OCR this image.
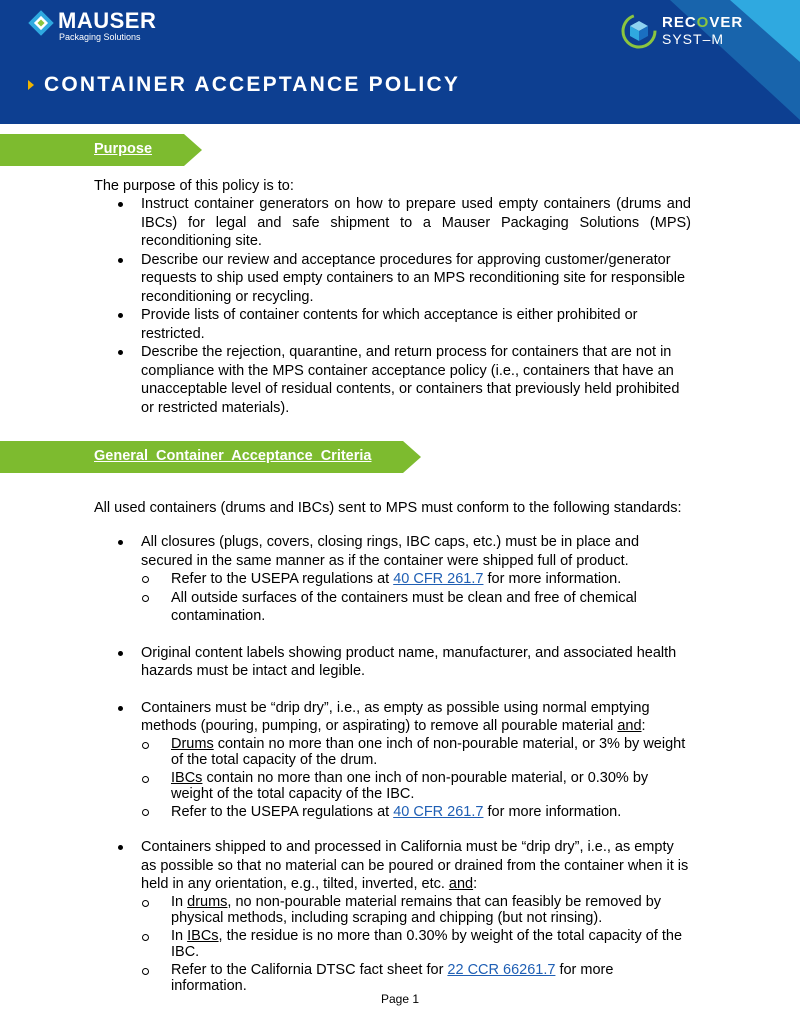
MAUSER
Packaging Solutions
RECOVER
SYST–M
CONTAINER ACCEPTANCE POLICY
Purpose
The purpose of this policy is to:
Instruct container generators on how to prepare used empty containers (drums and IBCs) for legal and safe shipment to a Mauser Packaging Solutions (MPS) reconditioning site.
Describe our review and acceptance procedures for approving customer/generator requests to ship used empty containers to an MPS reconditioning site for responsible reconditioning or recycling.
Provide lists of container contents for which acceptance is either prohibited or restricted.
Describe the rejection, quarantine, and return process for containers that are not in compliance with the MPS container acceptance policy (i.e., containers that have an unacceptable level of residual contents, or containers that previously held prohibited or restricted materials).
General  Container  Acceptance  Criteria
All used containers (drums and IBCs) sent to MPS must conform to the following standards:
All closures (plugs, covers, closing rings, IBC caps, etc.) must be in place and secured in the same manner as if the container were shipped full of product.
Refer to the USEPA regulations at 40 CFR 261.7 for more information.
All outside surfaces of the containers must be clean and free of chemical contamination.
Original content labels showing product name, manufacturer, and associated health hazards must be intact and legible.
Containers must be “drip dry”, i.e., as empty as possible using normal emptying methods (pouring, pumping, or aspirating) to remove all pourable material and:
Drums contain no more than one inch of non-pourable material, or 3% by weight of the total capacity of the drum.
IBCs contain no more than one inch of non-pourable material, or 0.30% by weight of the total capacity of the IBC.
Refer to the USEPA regulations at 40 CFR 261.7 for more information.
Containers shipped to and processed in California must be “drip dry”, i.e., as empty as possible so that no material can be poured or drained from the container when it is held in any orientation, e.g., tilted, inverted, etc. and:
In drums, no non-pourable material remains that can feasibly be removed by physical methods, including scraping and chipping (but not rinsing).
In IBCs, the residue is no more than 0.30% by weight of the total capacity of the IBC.
Refer to the California DTSC fact sheet for 22 CCR 66261.7 for more information.
Page 1
